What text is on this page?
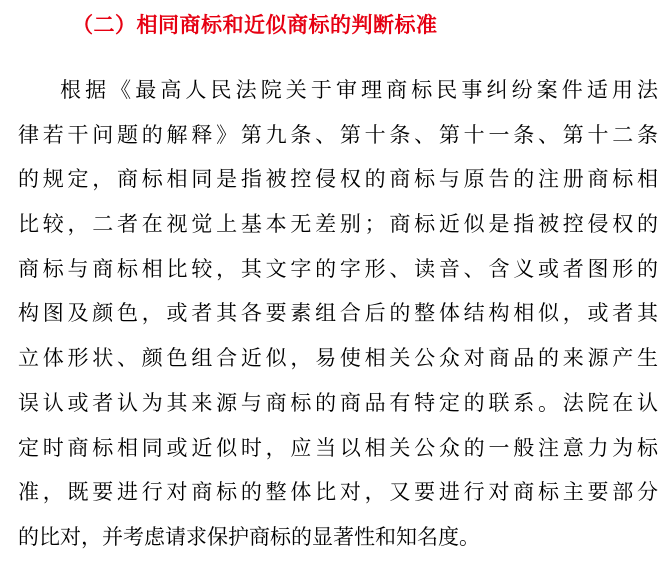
（二）相同商标和近似商标的判断标准
根据《最高人民法院关于审理商标民事纠纷案件适用法
律若干问题的解释》第九条、第十条、第十一条、第十二条
的规定，商标相同是指被控侵权的商标与原告的注册商标相
比较，二者在视觉上基本无差别；商标近似是指被控侵权的
商标与商标相比较，其文字的字形、读音、含义或者图形的
构图及颜色，或者其各要素组合后的整体结构相似，或者其
立体形状、颜色组合近似，易使相关公众对商品的来源产生
误认或者认为其来源与商标的商品有特定的联系。法院在认
定时商标相同或近似时，应当以相关公众的一般注意力为标
准，既要进行对商标的整体比对，又要进行对商标主要部分
的比对，并考虑请求保护商标的显著性和知名度。
